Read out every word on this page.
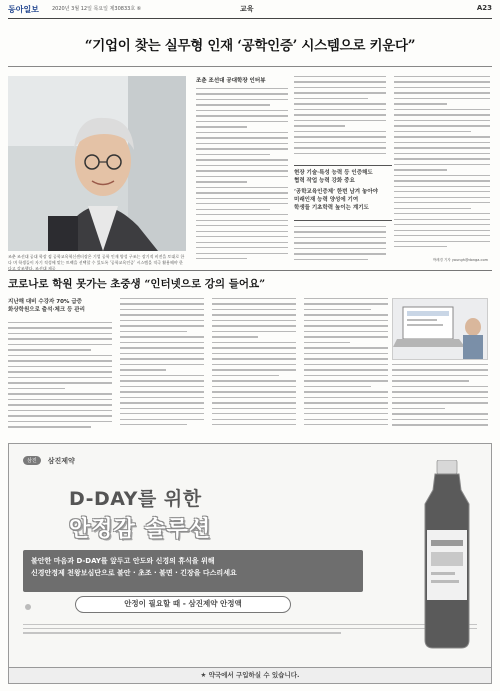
동아일보	2020년 3월 12일 목요일 제30833호 ⑥	교육	A23
“기업이 찾는 실무형 인재 ‘공학인증’ 시스템으로 키운다”
조춘 조선대 공대 학장 겸 공학교육혁신센터장은 기업 공학 인재 양성 구조는 장기적 비전을 토대로 한다 며 학생들이 자기 적성에 맞는 트랙을 선택할 수 있도록 ‘공학교육인증’ 시스템을 적극 활용해야 한다고 강조했다. 조선대 제공
조춘 조선대 공대학장 인터뷰
현장 기술·특성 능력 등 인증해도
협력 작업 능력 강화 중요
‘공학교육인증제’ 한번 남겨 놓아야
미래인재 능력 양성에 기여
학생들 기초학력 높이는 계기도
박례경 기자 youngh@donga.com
코로나로 학원 못가는 초중생 “인터넷으로 강의 들어요”
지난해 대비 수강자 70% 급증
화상학원으로 출석·체크 등 관리
삼진 삼진제약
D-DAY를 위한
안정감 솔루션
불안한 마음과 D-DAY를 앞두고 안도와 신경의 휴식을 위해
신경안정제 천왕보심단으로 불안 · 초조 · 불면 · 긴장을 다스리세요
안정이 필요할 때 - 삼진제약 안정액
★ 약국에서 구입하실 수 있습니다.
